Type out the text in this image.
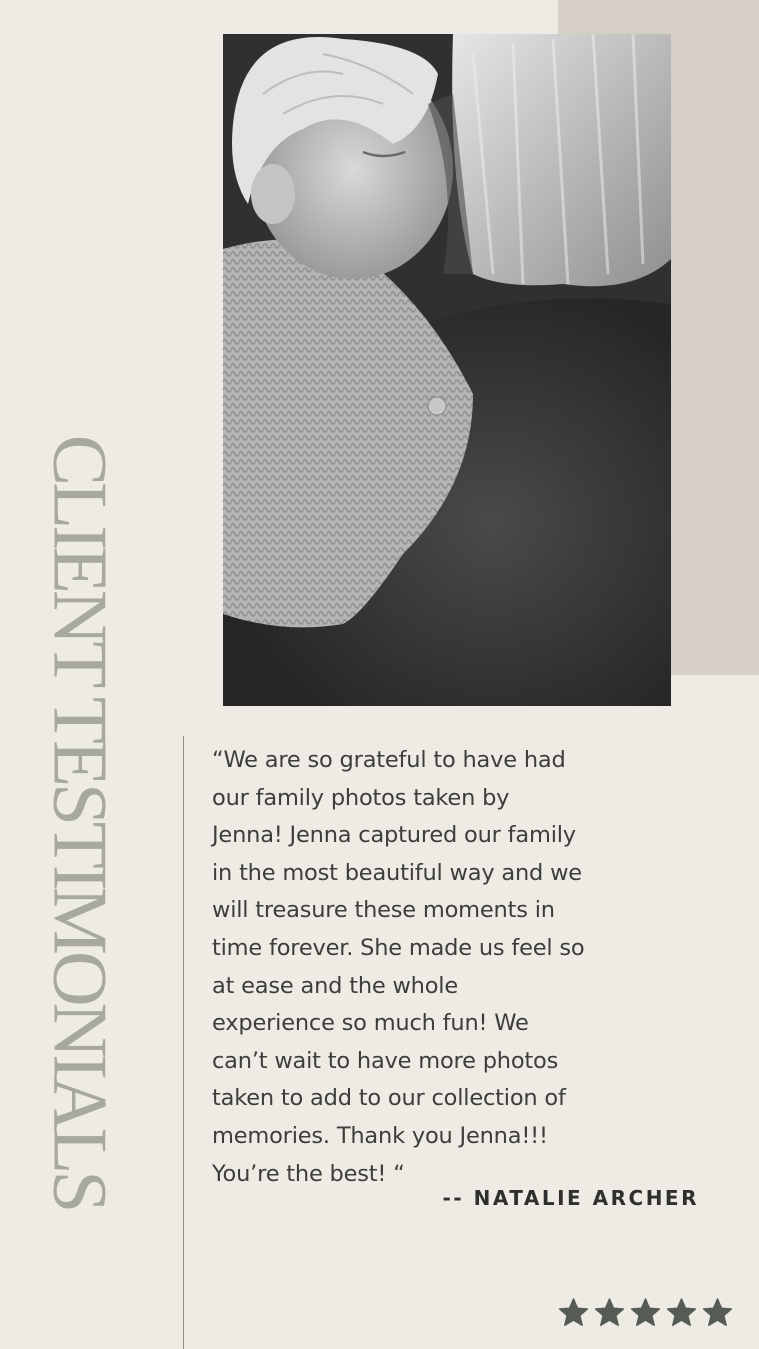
CLIENT TESTIMONIALS	“We are so grateful to have had
our family photos taken by
Jenna! Jenna captured our family
in the most beautiful way and we
will treasure these moments in
time forever. She made us feel so
at ease and the whole
experience so much fun! We
can’t wait to have more photos
taken to add to our collection of
memories. Thank you Jenna!!!
You’re the best! “

-- NATALIE ARCHER
